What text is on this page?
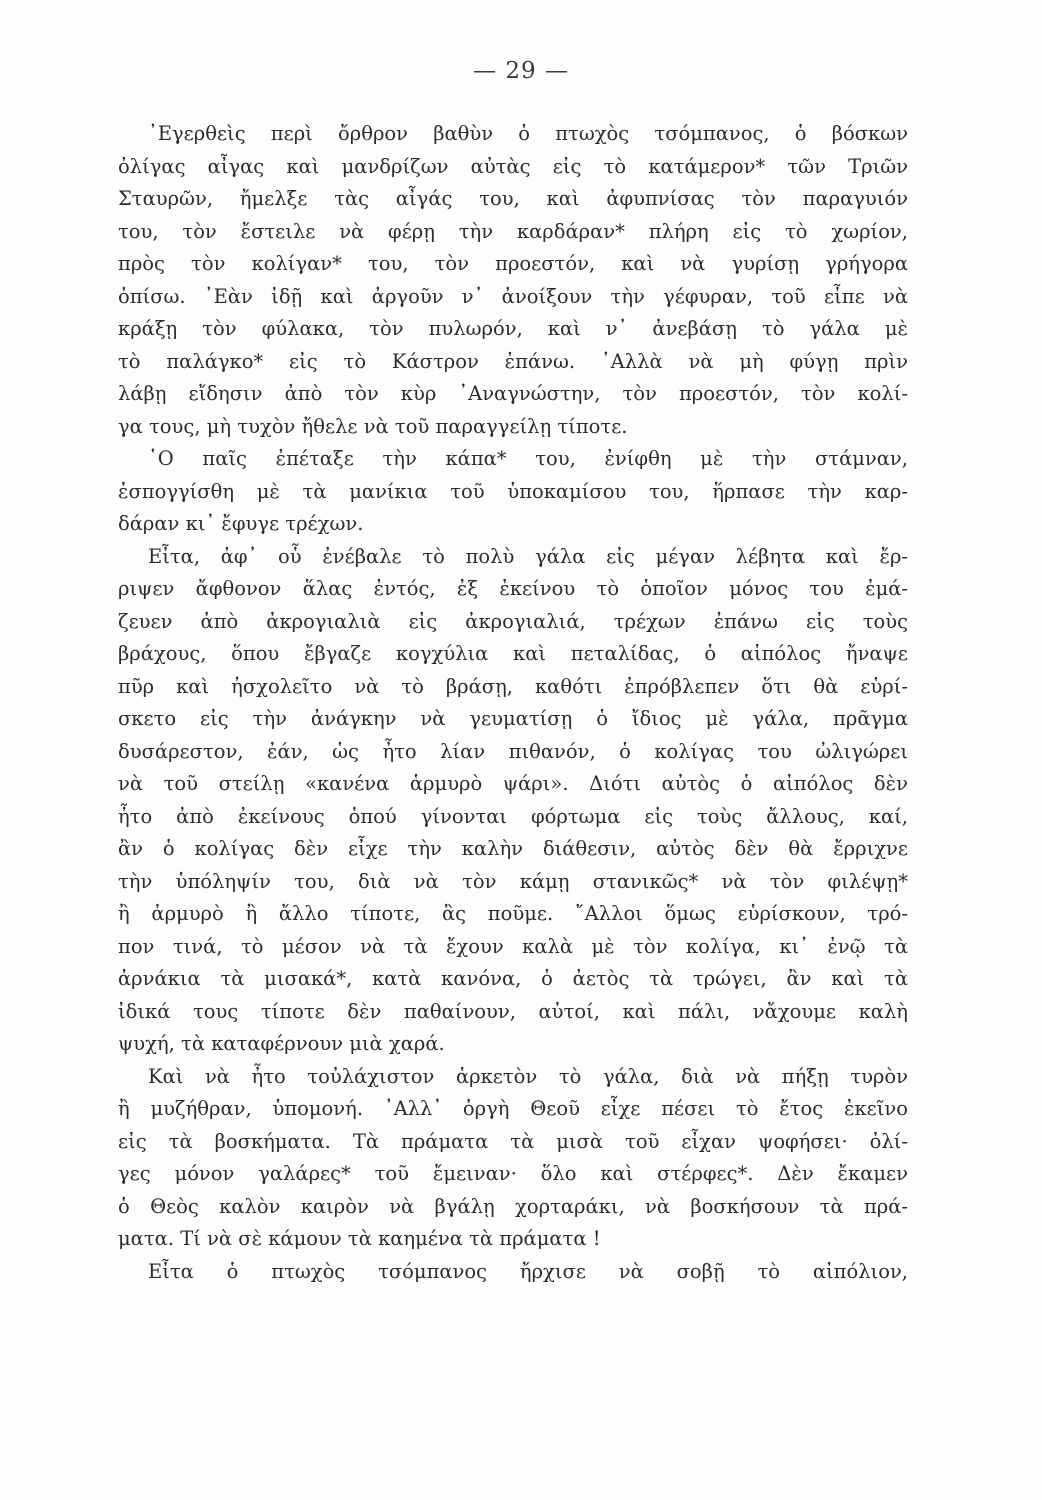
— 29 —
᾿Εγερθεὶς περὶ ὄρθρον βαθὺν ὁ πτωχὸς τσόμπανος, ὁ βόσκων
ὀλίγας αἶγας καὶ μανδρίζων αὐτὰς εἰς τὸ κατάμερον* τῶν Τριῶν
Σταυρῶν, ἤμελξε τὰς αἶγάς του, καὶ ἀφυπνίσας τὸν παραγυιόν
του, τὸν ἔστειλε νὰ φέρῃ τὴν καρδάραν* πλήρη εἰς τὸ χωρίον,
πρὸς τὸν κολίγαν* του, τὸν προεστόν, καὶ νὰ γυρίσῃ γρήγορα
ὀπίσω. ᾿Εὰν ἰδῇ καὶ ἀργοῦν ν᾿ ἀνοίξουν τὴν γέφυραν, τοῦ εἶπε νὰ
κράξῃ τὸν φύλακα, τὸν πυλωρόν, καὶ ν᾿ ἀνεβάσῃ τὸ γάλα μὲ
τὸ παλάγκο* εἰς τὸ Κάστρον ἐπάνω. ᾿Αλλὰ νὰ μὴ φύγῃ πρὶν
λάβῃ εἴδησιν ἀπὸ τὸν κὺρ ᾿Αναγνώστην, τὸν προεστόν, τὸν κολί-
γα τους, μὴ τυχὸν ἤθελε νὰ τοῦ παραγγείλῃ τίποτε.
῾Ο παῖς ἐπέταξε τὴν κάπα* του, ἐνίφθη μὲ τὴν στάμναν,
ἐσπογγίσθη μὲ τὰ μανίκια τοῦ ὑποκαμίσου του, ἥρπασε τὴν καρ-
δάραν κι᾿ ἔφυγε τρέχων.
Εἶτα, ἀφ᾿ οὗ ἐνέβαλε τὸ πολὺ γάλα εἰς μέγαν λέβητα καὶ ἔρ-
ριψεν ἄφθονον ἅλας ἐντός, ἐξ ἐκείνου τὸ ὁποῖον μόνος του ἐμά-
ζευεν ἀπὸ ἀκρογιαλιὰ εἰς ἀκρογιαλιά, τρέχων ἐπάνω εἰς τοὺς
βράχους, ὅπου ἔβγαζε κογχύλια καὶ πεταλίδας, ὁ αἰπόλος ἤναψε
πῦρ καὶ ἠσχολεῖτο νὰ τὸ βράσῃ, καθότι ἐπρόβλεπεν ὅτι θὰ εὑρί-
σκετο εἰς τὴν ἀνάγκην νὰ γευματίσῃ ὁ ἴδιος μὲ γάλα, πρᾶγμα
δυσάρεστον, ἐάν, ὡς ἦτο λίαν πιθανόν, ὁ κολίγας του ὠλιγώρει
νὰ τοῦ στείλῃ «κανένα ἁρμυρὸ ψάρι». Διότι αὐτὸς ὁ αἰπόλος δὲν
ἦτο ἀπὸ ἐκείνους ὁπού γίνονται φόρτωμα εἰς τοὺς ἄλλους, καί,
ἂν ὁ κολίγας δὲν εἶχε τὴν καλὴν διάθεσιν, αὐτὸς δὲν θὰ ἔρριχνε
τὴν ὑπόληψίν του, διὰ νὰ τὸν κάμῃ στανικῶς* νὰ τὸν φιλέψῃ*
ἢ ἁρμυρὸ ἢ ἄλλο τίποτε, ἂς ποῦμε. ῎Αλλοι ὅμως εὑρίσκουν, τρό-
πον τινά, τὸ μέσον νὰ τὰ ἔχουν καλὰ μὲ τὸν κολίγα, κι᾿ ἐνῷ τὰ
ἀρνάκια τὰ μισακά*, κατὰ κανόνα, ὁ ἀετὸς τὰ τρώγει, ἂν καὶ τὰ
ἰδικά τους τίποτε δὲν παθαίνουν, αὐτοί, καὶ πάλι, νἄχουμε καλὴ
ψυχή, τὰ καταφέρνουν μιὰ χαρά.
Καὶ νὰ ἦτο τοὐλάχιστον ἀρκετὸν τὸ γάλα, διὰ νὰ πήξῃ τυρὸν
ἢ μυζήθραν, ὑπομονή. ᾿Αλλ᾿ ὀργὴ Θεοῦ εἶχε πέσει τὸ ἔτος ἐκεῖνο
εἰς τὰ βοσκήματα. Τὰ πράματα τὰ μισὰ τοῦ εἶχαν ψοφήσει· ὀλί-
γες μόνον γαλάρες* τοῦ ἔμειναν· ὅλο καὶ στέρφες*. Δὲν ἔκαμεν
ὁ Θεὸς καλὸν καιρὸν νὰ βγάλῃ χορταράκι, νὰ βοσκήσουν τὰ πρά-
ματα. Τί νὰ σὲ κάμουν τὰ καημένα τὰ πράματα !
Εἶτα ὁ πτωχὸς τσόμπανος ἤρχισε νὰ σοβῇ τὸ αἰπόλιον,
